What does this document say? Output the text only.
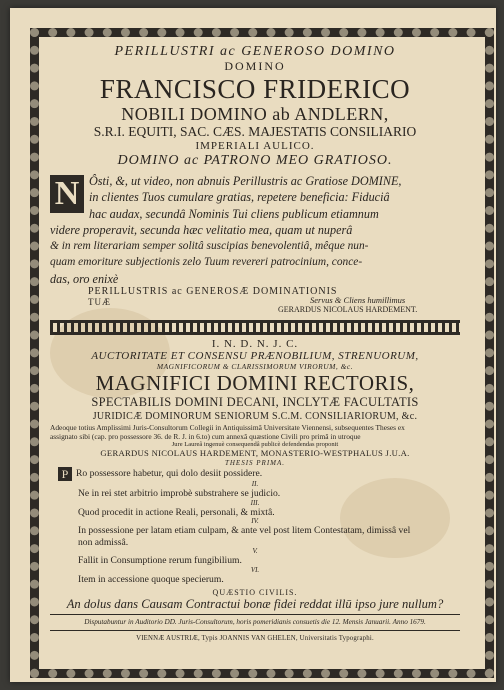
PERILLUSTRI ac GENEROSO DOMINO
DOMINO
FRANCISCO FRIDERICO
NOBILI DOMINO ab ANDLERN,
S.R.I. EQUITI, SAC. CÆS. MAJESTATIS CONSILIARIO
IMPERIALI AULICO.
DOMINO ac PATRONO MEO GRATIOSO.
N Ôsti, &, ut video, non abnuis Perillustris ac Gratiose DOMINE,
in clientes Tuos cumulare gratias, repetere beneficia: Fiduciâ
hac audax, secundâ Nominis Tui cliens publicum etiamnum
videre properavit, secunda hæc velitatio mea, quam ut nuperâ
& in rem literariam semper solitâ suscipias benevolentiâ, mêque nun-
quam emoriture subjectionis zelo Tuum revereri patrocinium, conce-
das, oro enixè
PERILLUSTRIS ac GENEROSÆ DOMINATIONIS
TUÆ	Servus & Cliens humillimus
GERARDUS NICOLAUS HARDEMENT.
I. N. D. N. J. C.
AUCTORITATE ET CONSENSU PRÆNOBILIUM, STRENUORUM,
MAGNIFICORUM & CLARISSIMORUM VIRORUM, &c.
MAGNIFICI DOMINI RECTORIS,
SPECTABILIS DOMINI DECANI, INCLYTÆ FACULTATIS
JURIDICÆ DOMINORUM SENIORUM S.C.M. CONSILIARIORUM, &c.
Adeoque totius Amplissimi Juris-Consultorum Collegii in Antiquissimâ Universitate Viennensi, subsequentes Theses ex
assignato sibi (cap. pro possessore 36. de R. J. in 6.to) cum annexâ quæstione Civili pro primâ in utroque
Jure Laureâ ingenuè consequendâ publicè defendendas proponit
GERARDUS NICOLAUS HARDEMENT, MONASTERIO-WESTPHALUS J.U.A.
THESIS PRIMA.
P Ro possessore habetur, qui dolo desiit possidere.
II.
Ne in rei stet arbitrio improbè substrahere se judicio.
III.
Quod procedit in actione Reali, personali, & mixtâ.
IV.
In possessione per latam etiam culpam, & ante vel post litem Contestatam, dimissâ vel
non admissâ.
V.
Fallit in Consumptione rerum fungibilium.
VI.
Item in accessione quoque specierum.
QUÆSTIO CIVILIS.
An dolus dans Causam Contractui bonæ fidei reddat illū ipso jure nullum?
Disputabuntur in Auditorio DD. Juris-Consultorum, horis pomeridianis consuetis die 12. Mensis Januarii. Anno 1679.
VIENNÆ AUSTRIÆ, Typis JOANNIS VAN GHELEN, Universitatis Typographi.
